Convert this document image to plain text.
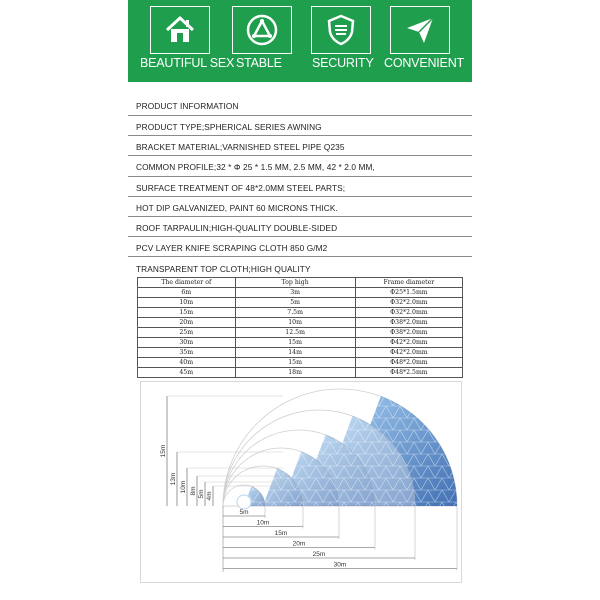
BEAUTIFUL SEX STABLE SECURITY CONVENIENT
PRODUCT INFORMATION
PRODUCT TYPE;SPHERICAL SERIES AWNING
BRACKET MATERIAL;VARNISHED STEEL PIPE Q235
COMMON PROFILE;32 * Φ 25 * 1.5 MM, 2.5 MM, 42 * 2.0 MM,
SURFACE TREATMENT OF 48*2.0MM STEEL PARTS;
HOT DIP GALVANIZED, PAINT 60 MICRONS THICK.
ROOF TARPAULIN;HIGH-QUALITY DOUBLE-SIDED
PCV LAYER KNIFE SCRAPING CLOTH 850 G/M2
TRANSPARENT TOP CLOTH;HIGH QUALITY
The diameter of	Top high	Frame diameter
6m	3m	Φ25*1.5mm
10m	5m	Φ32*2.0mm
15m	7.5m	Φ32*2.0mm
20m	10m	Φ38*2.0mm
25m	12.5m	Φ38*2.0mm
30m	15m	Φ42*2.0mm
35m	14m	Φ42*2.0mm
40m	15m	Φ48*2.0mm
45m	18m	Φ48*2.5mm
5m
10m
15m
20m
25m
30m
15m
13m
10m 8m 5m 4m
